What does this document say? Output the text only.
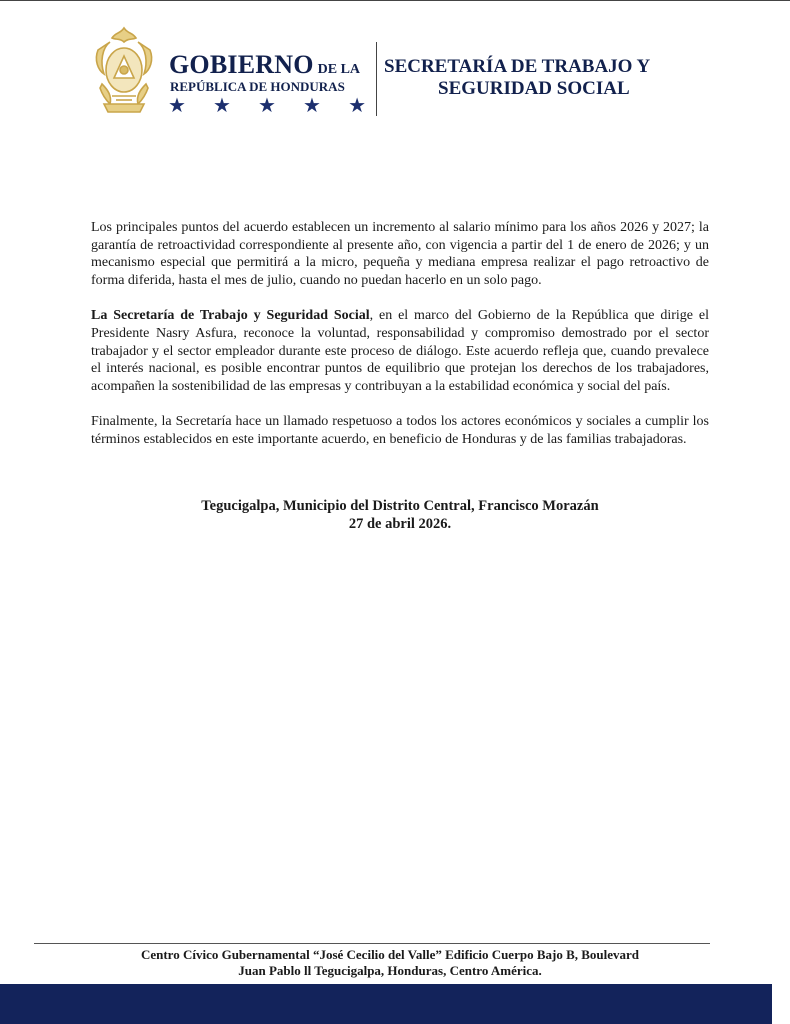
GOBIERNO DE LA
REPÚBLICA DE HONDURAS
★ ★ ★ ★ ★
SECRETARÍA DE TRABAJO Y
SEGURIDAD SOCIAL

Los principales puntos del acuerdo establecen un incremento al salario mínimo para los años 2026 y 2027; la garantía de retroactividad correspondiente al presente año, con vigencia a partir del 1 de enero de 2026; y un mecanismo especial que permitirá a la micro, pequeña y mediana empresa realizar el pago retroactivo de forma diferida, hasta el mes de julio, cuando no puedan hacerlo en un solo pago.

La Secretaría de Trabajo y Seguridad Social, en el marco del Gobierno de la República que dirige el Presidente Nasry Asfura, reconoce la voluntad, responsabilidad y compromiso demostrado por el sector trabajador y el sector empleador durante este proceso de diálogo. Este acuerdo refleja que, cuando prevalece el interés nacional, es posible encontrar puntos de equilibrio que protejan los derechos de los trabajadores, acompañen la sostenibilidad de las empresas y contribuyan a la estabilidad económica y social del país.

Finalmente, la Secretaría hace un llamado respetuoso a todos los actores económicos y sociales a cumplir los términos establecidos en este importante acuerdo, en beneficio de Honduras y de las familias trabajadoras.

Tegucigalpa, Municipio del Distrito Central, Francisco Morazán
27 de abril 2026.
Centro Cívico Gubernamental “José Cecilio del Valle” Edificio Cuerpo Bajo B, Boulevard
Juan Pablo ll Tegucigalpa, Honduras, Centro América.
